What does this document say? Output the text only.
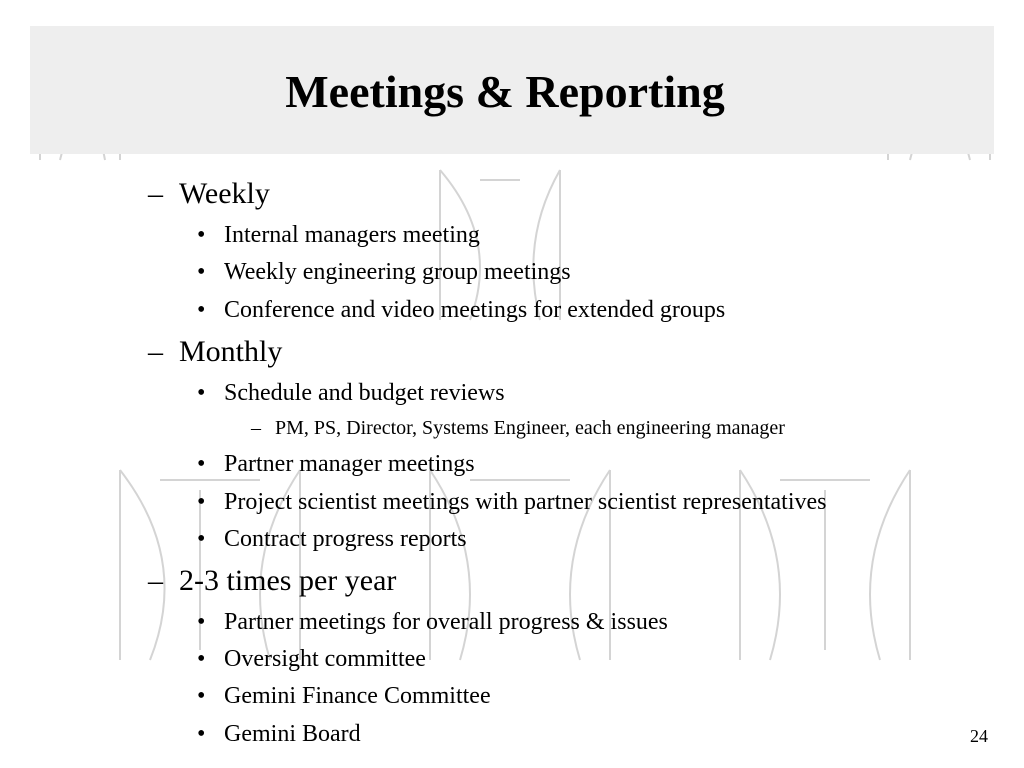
Meetings & Reporting
– Weekly
• Internal managers meeting
• Weekly engineering group meetings
• Conference and video meetings for extended groups
– Monthly
• Schedule and budget reviews
– PM, PS, Director, Systems Engineer, each engineering manager
• Partner manager meetings
• Project scientist meetings with partner scientist representatives
• Contract progress reports
– 2-3 times per year
• Partner meetings for overall progress & issues
• Oversight committee
• Gemini Finance Committee
• Gemini Board	24
